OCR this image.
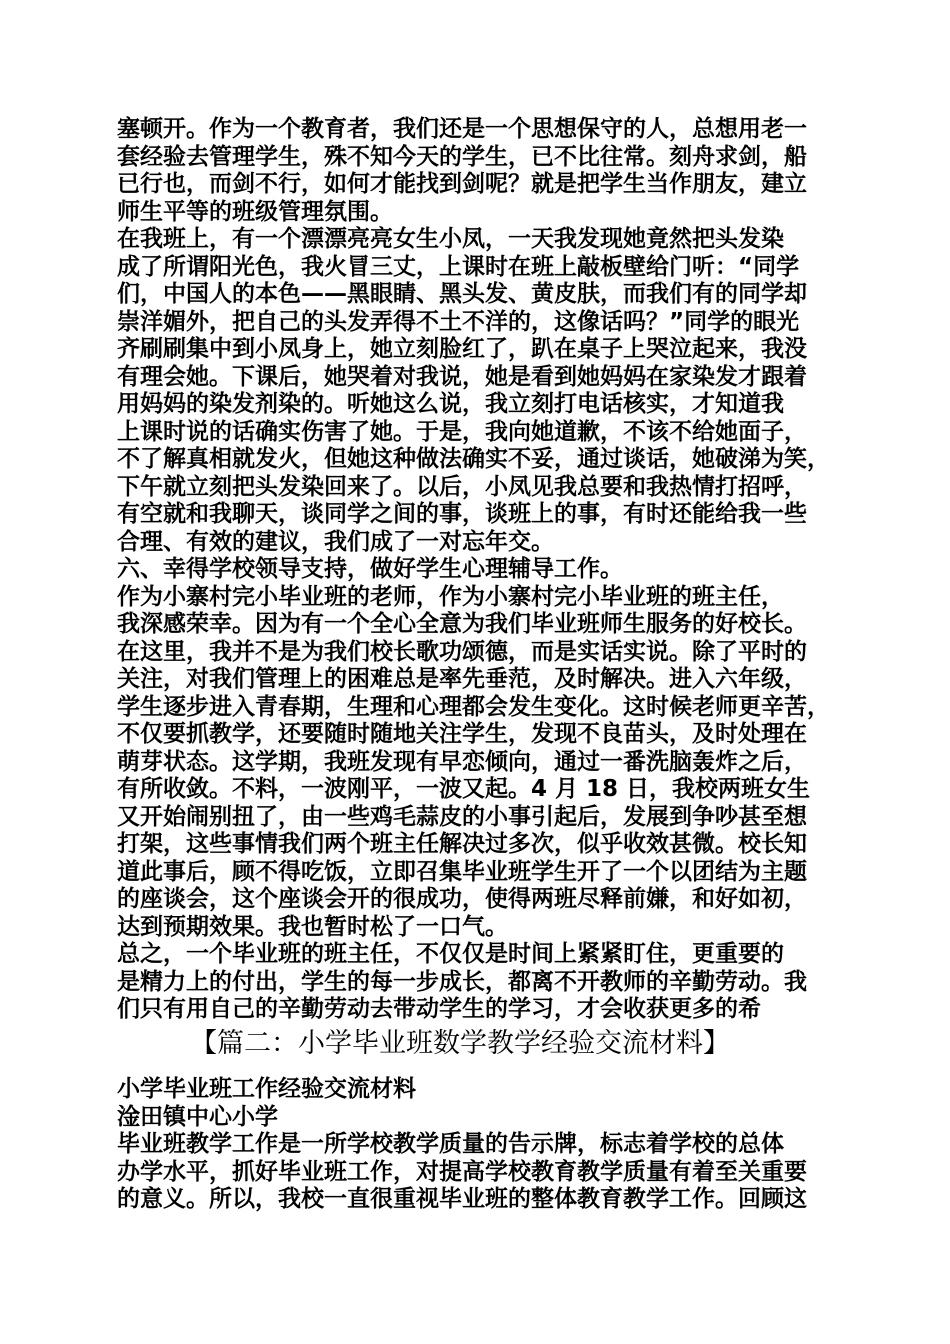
塞顿开。作为一个教育者，我们还是一个思想保守的人，总想用老一
套经验去管理学生，殊不知今天的学生，已不比往常。刻舟求剑，船
已行也，而剑不行，如何才能找到剑呢？就是把学生当作朋友，建立
师生平等的班级管理氛围。
在我班上，有一个漂漂亮亮女生小凤，一天我发现她竟然把头发染
成了所谓阳光色，我火冒三丈，上课时在班上敲板壁给门听：“同学
们，中国人的本色——黑眼睛、黑头发、黄皮肤，而我们有的同学却
崇洋媚外，把自己的头发弄得不土不洋的，这像话吗？”同学的眼光
齐刷刷集中到小凤身上，她立刻脸红了，趴在桌子上哭泣起来，我没
有理会她。下课后，她哭着对我说，她是看到她妈妈在家染发才跟着
用妈妈的染发剂染的。听她这么说，我立刻打电话核实，才知道我
上课时说的话确实伤害了她。于是，我向她道歉，不该不给她面子，
不了解真相就发火，但她这种做法确实不妥，通过谈话，她破涕为笑，
下午就立刻把头发染回来了。以后，小凤见我总要和我热情打招呼，
有空就和我聊天，谈同学之间的事，谈班上的事，有时还能给我一些
合理、有效的建议，我们成了一对忘年交。
六、幸得学校领导支持，做好学生心理辅导工作。
作为小寨村完小毕业班的老师，作为小寨村完小毕业班的班主任，
我深感荣幸。因为有一个全心全意为我们毕业班师生服务的好校长。
在这里，我并不是为我们校长歌功颂德，而是实话实说。除了平时的
关注，对我们管理上的困难总是率先垂范，及时解决。进入六年级，
学生逐步进入青春期，生理和心理都会发生变化。这时候老师更辛苦，
不仅要抓教学，还要随时随地关注学生，发现不良苗头，及时处理在
萌芽状态。这学期，我班发现有早恋倾向，通过一番洗脑轰炸之后，
有所收敛。不料，一波刚平，一波又起。4 月 18 日，我校两班女生
又开始闹别扭了，由一些鸡毛蒜皮的小事引起后，发展到争吵甚至想
打架，这些事情我们两个班主任解决过多次，似乎收效甚微。校长知
道此事后，顾不得吃饭，立即召集毕业班学生开了一个以团结为主题
的座谈会，这个座谈会开的很成功，使得两班尽释前嫌，和好如初，
达到预期效果。我也暂时松了一口气。
总之，一个毕业班的班主任，不仅仅是时间上紧紧盯住，更重要的
是精力上的付出，学生的每一步成长，都离不开教师的辛勤劳动。我
们只有用自己的辛勤劳动去带动学生的学习，才会收获更多的希
【篇二：小学毕业班数学教学经验交流材料】
小学毕业班工作经验交流材料
淦田镇中心小学
毕业班教学工作是一所学校教学质量的告示牌，标志着学校的总体
办学水平，抓好毕业班工作，对提高学校教育教学质量有着至关重要
的意义。所以，我校一直很重视毕业班的整体教育教学工作。回顾这
